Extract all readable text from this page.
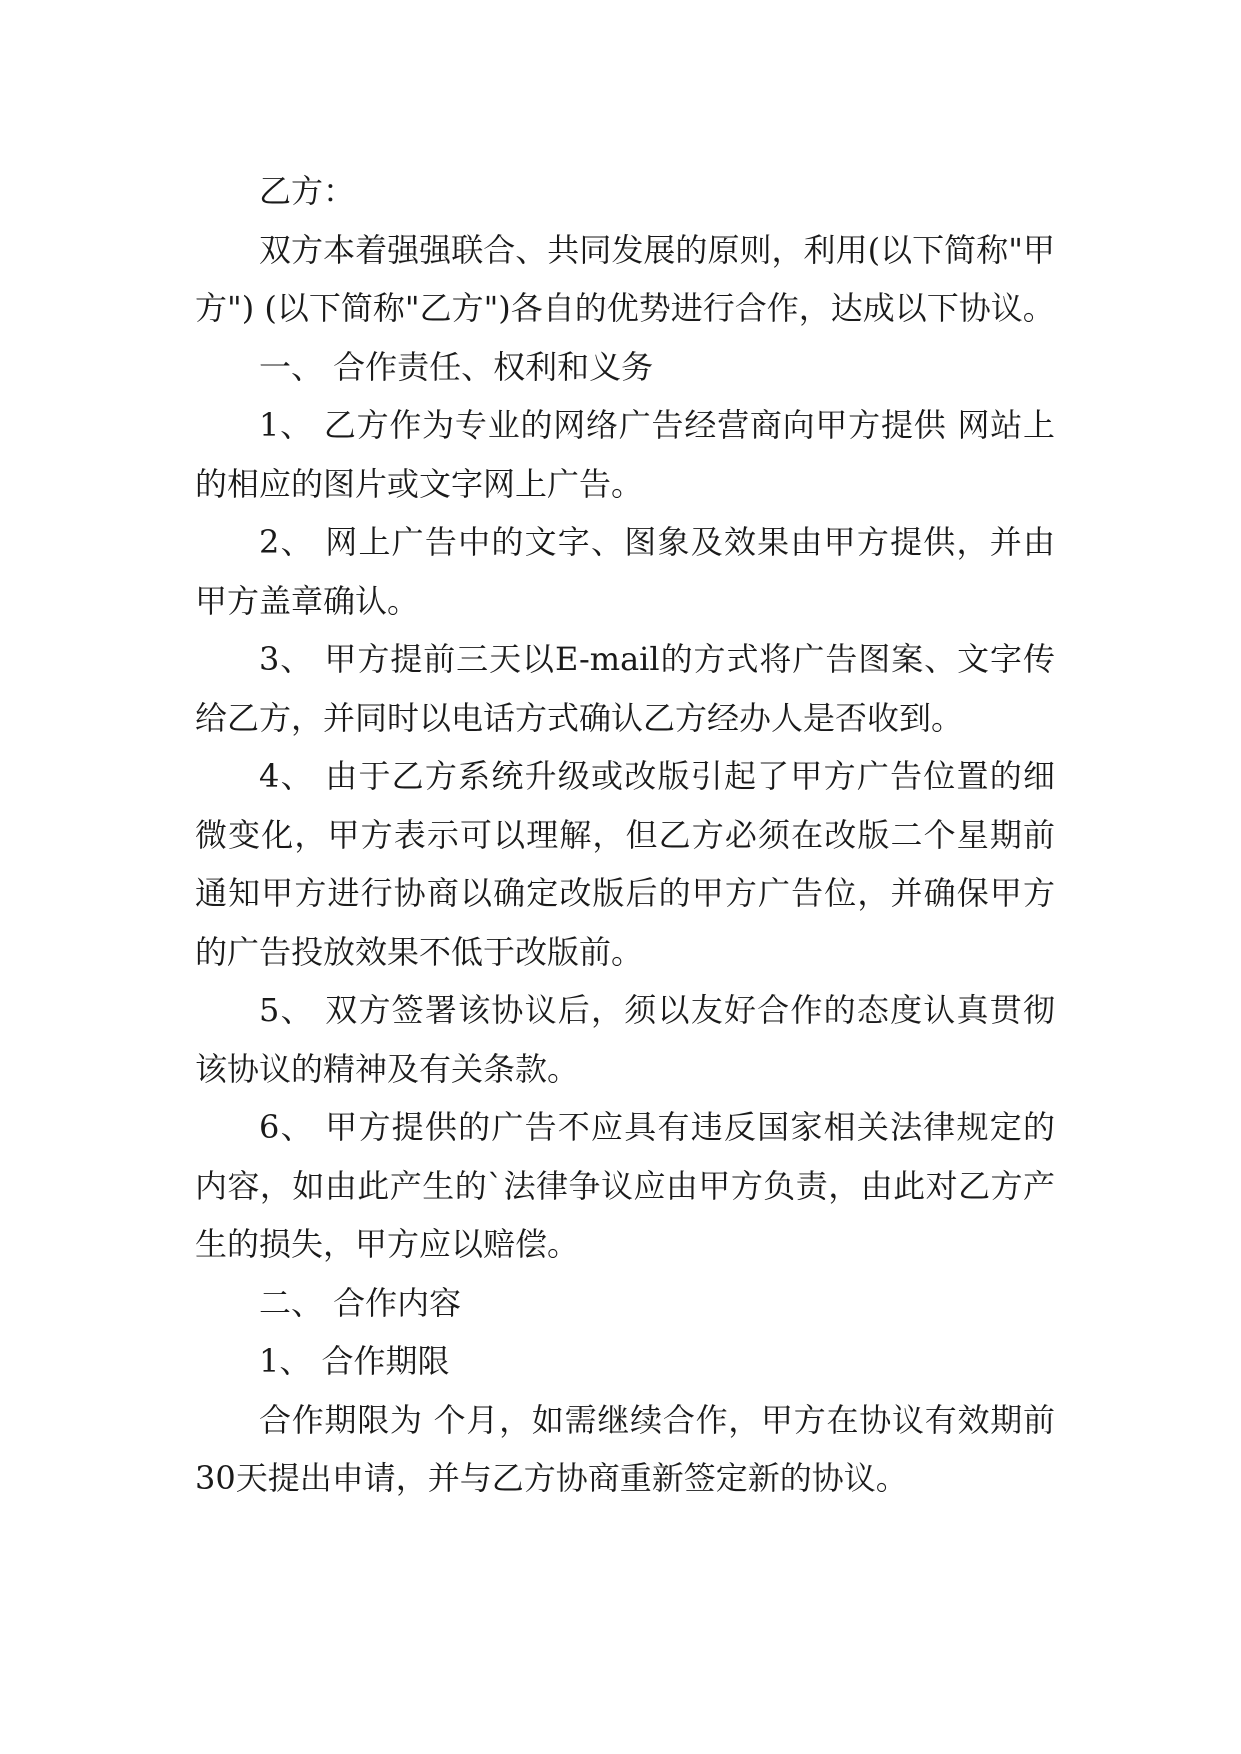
乙方：

双方本着强强联合、共同发展的原则，利用(以下简称"甲方") (以下简称"乙方")各自的优势进行合作，达成以下协议。

一、 合作责任、权利和义务

1、 乙方作为专业的网络广告经营商向甲方提供 网站上的相应的图片或文字网上广告。

2、 网上广告中的文字、图象及效果由甲方提供，并由甲方盖章确认。

3、 甲方提前三天以E-mail的方式将广告图案、文字传给乙方，并同时以电话方式确认乙方经办人是否收到。

4、 由于乙方系统升级或改版引起了甲方广告位置的细微变化，甲方表示可以理解，但乙方必须在改版二个星期前通知甲方进行协商以确定改版后的甲方广告位，并确保甲方的广告投放效果不低于改版前。

5、 双方签署该协议后，须以友好合作的态度认真贯彻该协议的精神及有关条款。

6、 甲方提供的广告不应具有违反国家相关法律规定的内容，如由此产生的`法律争议应由甲方负责，由此对乙方产生的损失，甲方应以赔偿。

二、 合作内容

1、 合作期限

合作期限为 个月，如需继续合作，甲方在协议有效期前30天提出申请，并与乙方协商重新签定新的协议。
